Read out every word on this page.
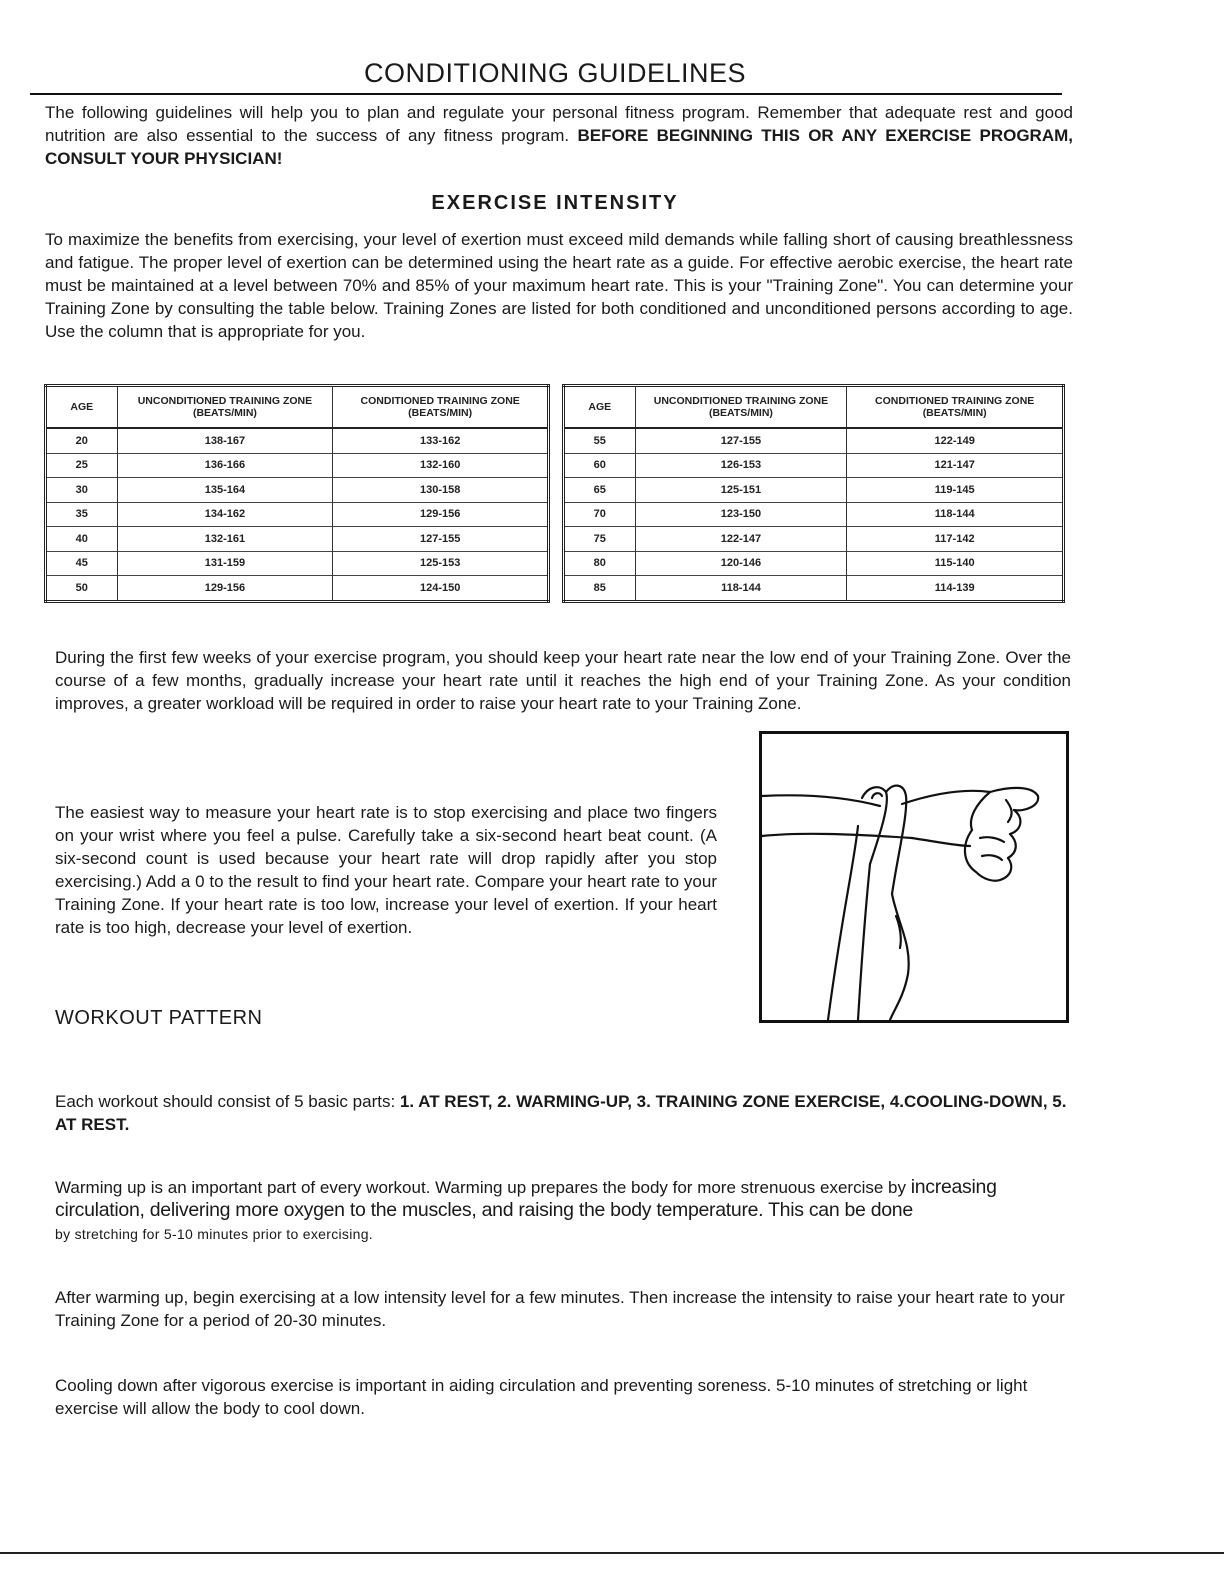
CONDITIONING GUIDELINES
The following guidelines will help you to plan and regulate your personal fitness program. Remember that adequate rest and good nutrition are also essential to the success of any fitness program. BEFORE BEGINNING THIS OR ANY EXERCISE PROGRAM, CONSULT YOUR PHYSICIAN!
EXERCISE INTENSITY
To maximize the benefits from exercising, your level of exertion must exceed mild demands while falling short of causing breathlessness and fatigue. The proper level of exertion can be determined using the heart rate as a guide. For effective aerobic exercise, the heart rate must be maintained at a level between 70% and 85% of your maximum heart rate. This is your "Training Zone". You can determine your Training Zone by consulting the table below. Training Zones are listed for both conditioned and unconditioned persons according to age. Use the column that is appropriate for you.
AGE	UNCONDITIONED TRAINING ZONE (BEATS/MIN)	CONDITIONED TRAINING ZONE (BEATS/MIN)
20	138-167	133-162
25	136-166	132-160
30	135-164	130-158
35	134-162	129-156
40	132-161	127-155
45	131-159	125-153
50	129-156	124-150
AGE	UNCONDITIONED TRAINING ZONE (BEATS/MIN)	CONDITIONED TRAINING ZONE (BEATS/MIN)
55	127-155	122-149
60	126-153	121-147
65	125-151	119-145
70	123-150	118-144
75	122-147	117-142
80	120-146	115-140
85	118-144	114-139
During the first few weeks of your exercise program, you should keep your heart rate near the low end of your Training Zone. Over the course of a few months, gradually increase your heart rate until it reaches the high end of your Training Zone. As your condition improves, a greater workload will be required in order to raise your heart rate to your Training Zone.
The easiest way to measure your heart rate is to stop exercising and place two fingers on your wrist where you feel a pulse. Carefully take a six-second heart beat count. (A six-second count is used because your heart rate will drop rapidly after you stop exercising.) Add a 0 to the result to find your heart rate. Compare your heart rate to your Training Zone. If your heart rate is too low, increase your level of exertion. If your heart rate is too high, decrease your level of exertion.
WORKOUT PATTERN
Each workout should consist of 5 basic parts: 1. AT REST, 2. WARMING-UP, 3. TRAINING ZONE EXERCISE, 4.COOLING-DOWN, 5. AT REST.
Warming up is an important part of every workout. Warming up prepares the body for more strenuous exercise by increasing circulation, delivering more oxygen to the muscles, and raising the body temperature. This can be done
by stretching for 5-10 minutes prior to exercising.
After warming up, begin exercising at a low intensity level for a few minutes. Then increase the intensity to raise your heart rate to your Training Zone for a period of 20-30 minutes.
Cooling down after vigorous exercise is important in aiding circulation and preventing soreness. 5-10 minutes of stretching or light exercise will allow the body to cool down.
